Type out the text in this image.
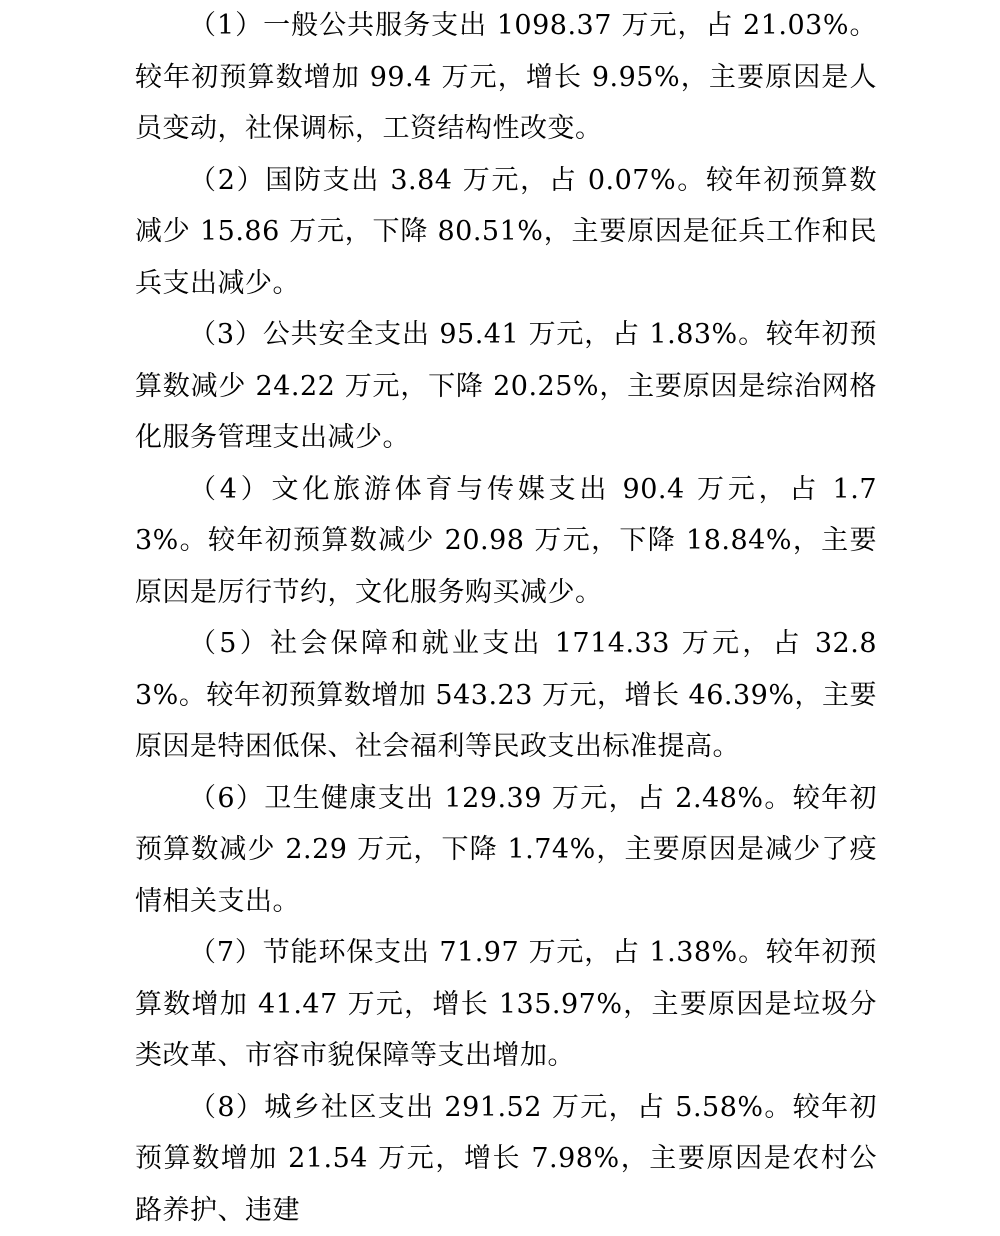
（1）一般公共服务支出 1098.37 万元，占 21.03%。较年初预算数增加 99.4 万元，增长 9.95%，主要原因是人员变动，社保调标，工资结构性改变。

（2）国防支出 3.84 万元，占 0.07%。较年初预算数减少 15.86 万元，下降 80.51%，主要原因是征兵工作和民兵支出减少。

（3）公共安全支出 95.41 万元，占 1.83%。较年初预算数减少 24.22 万元，下降 20.25%，主要原因是综治网格化服务管理支出减少。

（4）文化旅游体育与传媒支出 90.4 万元，占 1.73%。较年初预算数减少 20.98 万元，下降 18.84%，主要原因是厉行节约，文化服务购买减少。

（5）社会保障和就业支出 1714.33 万元，占 32.83%。较年初预算数增加 543.23 万元，增长 46.39%，主要原因是特困低保、社会福利等民政支出标准提高。

（6）卫生健康支出 129.39 万元，占 2.48%。较年初预算数减少 2.29 万元，下降 1.74%，主要原因是减少了疫情相关支出。

（7）节能环保支出 71.97 万元，占 1.38%。较年初预算数增加 41.47 万元，增长 135.97%，主要原因是垃圾分类改革、市容市貌保障等支出增加。

（8）城乡社区支出 291.52 万元，占 5.58%。较年初预算数增加 21.54 万元，增长 7.98%，主要原因是农村公路养护、违建
